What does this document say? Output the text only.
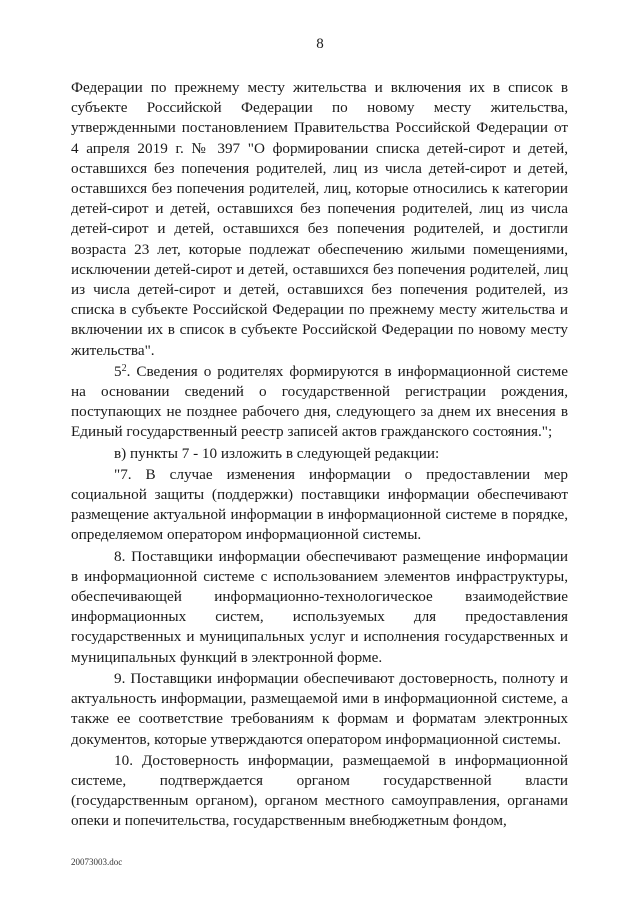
8

Федерации по прежнему месту жительства и включения их в список в субъекте Российской Федерации по новому месту жительства, утвержденными постановлением Правительства Российской Федерации от 4 апреля 2019 г. № 397 "О формировании списка детей-сирот и детей, оставшихся без попечения родителей, лиц из числа детей-сирот и детей, оставшихся без попечения родителей, лиц, которые относились к категории детей-сирот и детей, оставшихся без попечения родителей, лиц из числа детей-сирот и детей, оставшихся без попечения родителей, и достигли возраста 23 лет, которые подлежат обеспечению жилыми помещениями, исключении детей-сирот и детей, оставшихся без попечения родителей, лиц из числа детей-сирот и детей, оставшихся без попечения родителей, из списка в субъекте Российской Федерации по прежнему месту жительства и включении их в список в субъекте Российской Федерации по новому месту жительства".

$5^2$. Сведения о родителях формируются в информационной системе на основании сведений о государственной регистрации рождения, поступающих не позднее рабочего дня, следующего за днем их внесения в Единый государственный реестр записей актов гражданского состояния.";

в) пункты 7 - 10 изложить в следующей редакции:

"7. В случае изменения информации о предоставлении мер социальной защиты (поддержки) поставщики информации обеспечивают размещение актуальной информации в информационной системе в порядке, определяемом оператором информационной системы.

8. Поставщики информации обеспечивают размещение информации в информационной системе с использованием элементов инфраструктуры, обеспечивающей информационно-технологическое взаимодействие информационных систем, используемых для предоставления государственных и муниципальных услуг и исполнения государственных и муниципальных функций в электронной форме.

9. Поставщики информации обеспечивают достоверность, полноту и актуальность информации, размещаемой ими в информационной системе, а также ее соответствие требованиям к формам и форматам электронных документов, которые утверждаются оператором информационной системы.

10. Достоверность информации, размещаемой в информационной системе, подтверждается органом государственной власти (государственным органом), органом местного самоуправления, органами опеки и попечительства, государственным внебюджетным фондом,

20073003.doc
